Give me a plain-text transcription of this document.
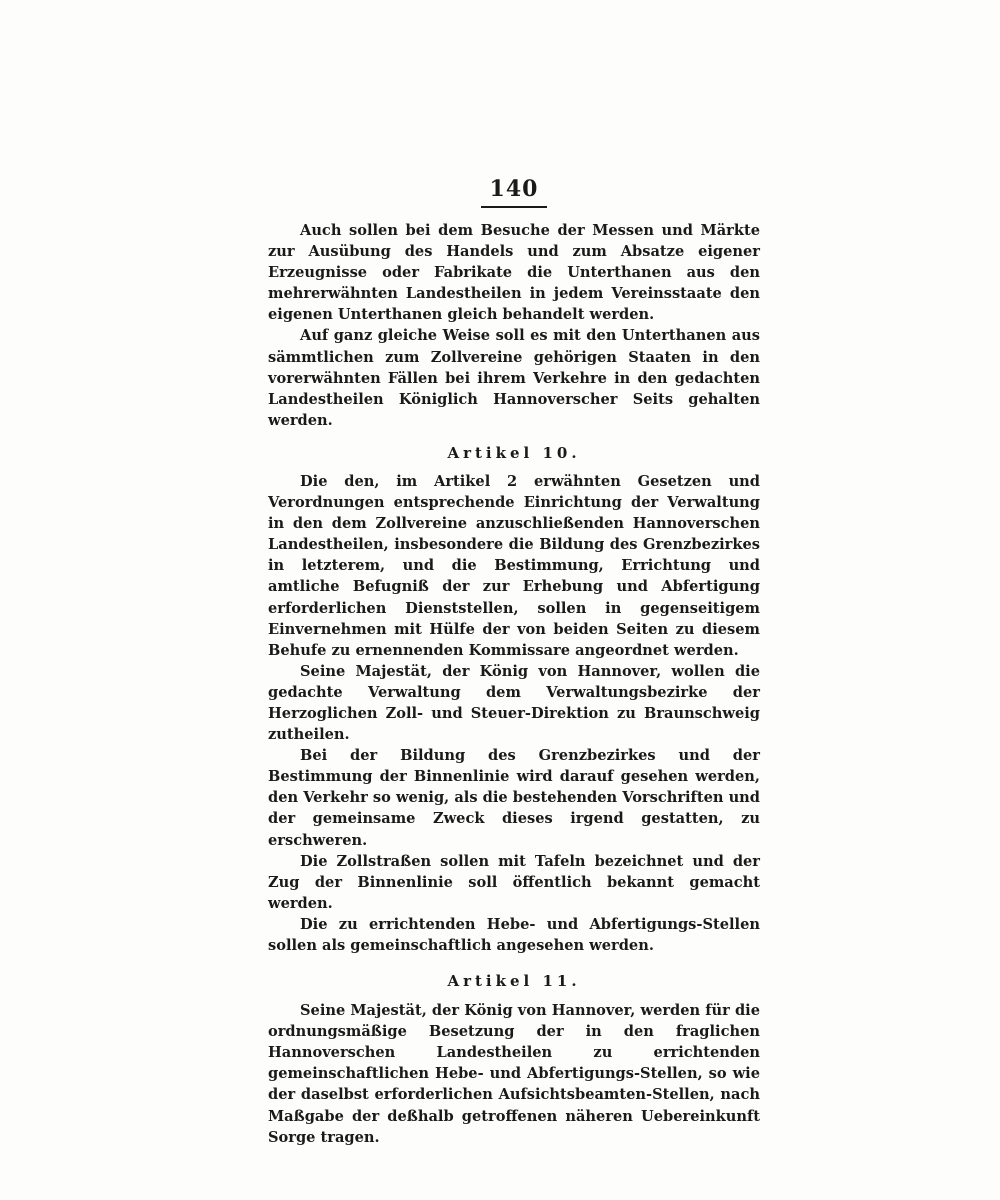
140

Auch sollen bei dem Besuche der Messen und Märkte zur Ausübung des Handels und zum Absatze eigener Erzeugnisse oder Fabrikate die Unterthanen aus den mehrerwähnten Landestheilen in jedem Vereinsstaate den eigenen Unterthanen gleich behandelt werden.

Auf ganz gleiche Weise soll es mit den Unterthanen aus sämmtlichen zum Zollvereine gehörigen Staaten in den vorerwähnten Fällen bei ihrem Verkehre in den gedachten Landestheilen Königlich Hannoverscher Seits gehalten werden.

Artikel 10.

Die den, im Artikel 2 erwähnten Gesetzen und Verordnungen entsprechende Einrichtung der Verwaltung in den dem Zollvereine anzuschließenden Hannoverschen Landestheilen, insbesondere die Bildung des Grenzbezirkes in letzterem, und die Bestimmung, Errichtung und amtliche Befugniß der zur Erhebung und Abfertigung erforderlichen Dienststellen, sollen in gegenseitigem Einvernehmen mit Hülfe der von beiden Seiten zu diesem Behufe zu ernennenden Kommissare angeordnet werden.

Seine Majestät, der König von Hannover, wollen die gedachte Verwaltung dem Verwaltungsbezirke der Herzoglichen Zoll- und Steuer-Direktion zu Braunschweig zutheilen.

Bei der Bildung des Grenzbezirkes und der Bestimmung der Binnenlinie wird darauf gesehen werden, den Verkehr so wenig, als die bestehenden Vorschriften und der gemeinsame Zweck dieses irgend gestatten, zu erschweren.

Die Zollstraßen sollen mit Tafeln bezeichnet und der Zug der Binnenlinie soll öffentlich bekannt gemacht werden.

Die zu errichtenden Hebe- und Abfertigungs-Stellen sollen als gemeinschaftlich angesehen werden.

Artikel 11.

Seine Majestät, der König von Hannover, werden für die ordnungsmäßige Besetzung der in den fraglichen Hannoverschen Landestheilen zu errichtenden gemeinschaftlichen Hebe- und Abfertigungs-Stellen, so wie der daselbst erforderlichen Aufsichtsbeamten-Stellen, nach Maßgabe der deßhalb getroffenen näheren Uebereinkunft Sorge tragen.
